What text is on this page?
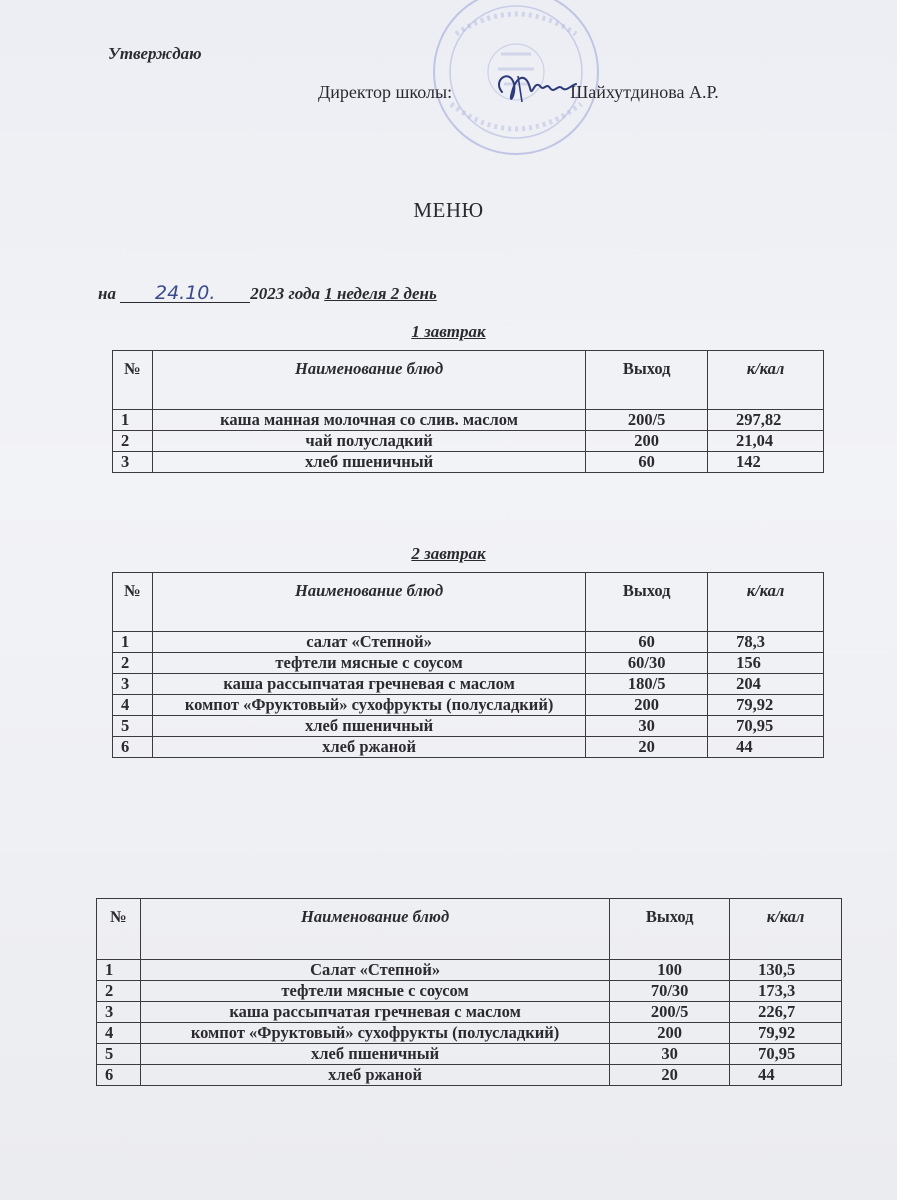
Утверждаю
Директор школы:	Шайхутдинова А.Р.
МЕНЮ
на 24.10. 2023 года 1 неделя 2 день
1 завтрак
№	Наименование блюд	Выход	к/кал
1	каша манная молочная со слив. маслом	200/5	297,82
2	чай полусладкий	200	21,04
3	хлеб пшеничный	60	142
2 завтрак
№	Наименование блюд	Выход	к/кал
1	салат «Степной»	60	78,3
2	тефтели мясные с соусом	60/30	156
3	каша рассыпчатая гречневая с маслом	180/5	204
4	компот «Фруктовый» сухофрукты (полусладкий)	200	79,92
5	хлеб пшеничный	30	70,95
6	хлеб ржаной	20	44
№	Наименование блюд	Выход	к/кал
1	Салат «Степной»	100	130,5
2	тефтели мясные с соусом	70/30	173,3
3	каша рассыпчатая гречневая с маслом	200/5	226,7
4	компот «Фруктовый» сухофрукты (полусладкий)	200	79,92
5	хлеб пшеничный	30	70,95
6	хлеб ржаной	20	44
